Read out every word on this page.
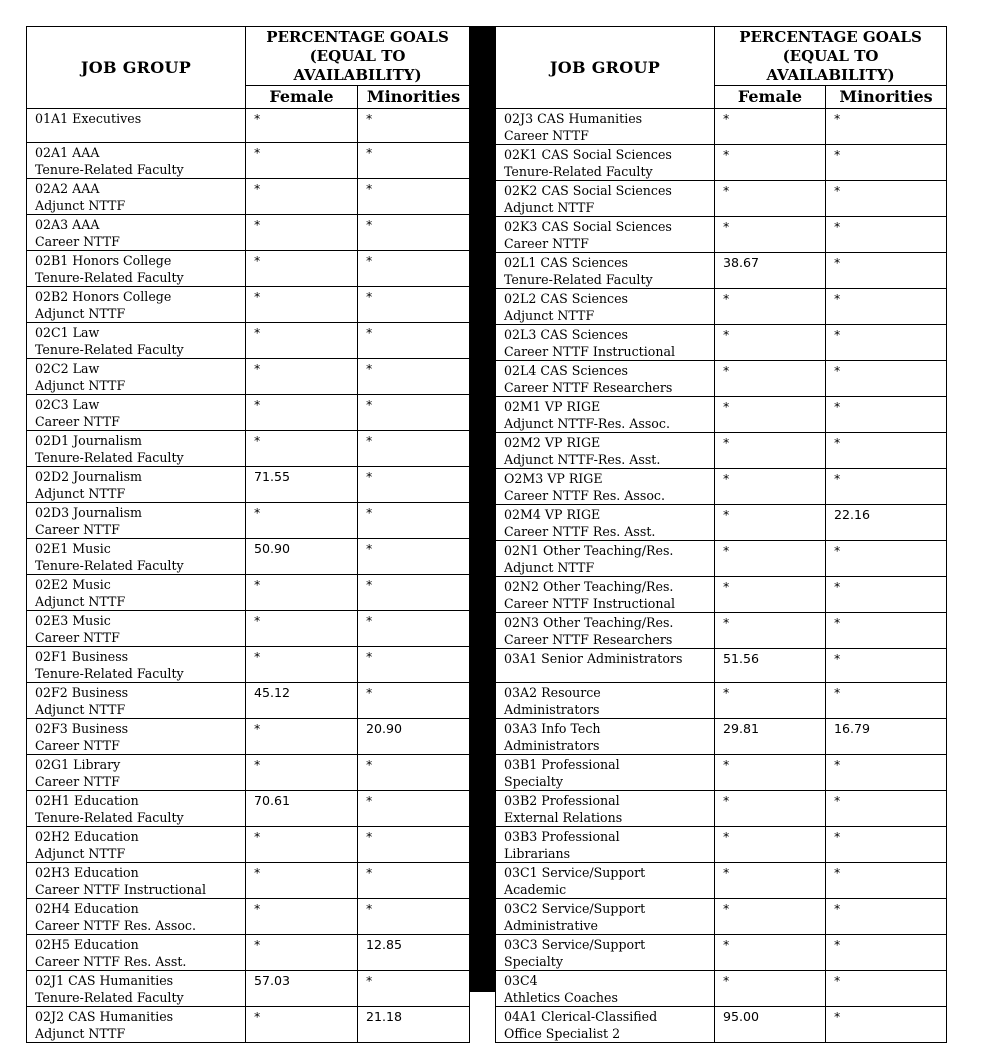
JOB GROUP	PERCENTAGE GOALS
(EQUAL TO
AVAILABILITY)	

	Female	Minorities

01A1 Executives	*	*

02A1 AAA
Tenure-Related Faculty	*	*

02A2 AAA
Adjunct NTTF	*	*

02A3 AAA
Career NTTF	*	*

02B1 Honors College
Tenure-Related Faculty	*	*

02B2 Honors College
Adjunct NTTF	*	*

02C1 Law
Tenure-Related Faculty	*	*

02C2 Law
Adjunct NTTF	*	*

02C3 Law
Career NTTF	*	*

02D1 Journalism
Tenure-Related Faculty	*	*

02D2 Journalism
Adjunct NTTF	71.55	*

02D3 Journalism
Career NTTF	*	*

02E1 Music
Tenure-Related Faculty	50.90	*

02E2 Music
Adjunct NTTF	*	*

02E3 Music
Career NTTF	*	*

02F1 Business
Tenure-Related Faculty	*	*

02F2 Business
Adjunct NTTF	45.12	*

02F3 Business
Career NTTF	*	20.90

02G1 Library
Career NTTF	*	*

02H1 Education
Tenure-Related Faculty	70.61	*

02H2 Education
Adjunct NTTF	*	*

02H3 Education
Career NTTF Instructional	*	*

02H4 Education
Career NTTF Res. Assoc.	*	*

02H5 Education
Career NTTF Res. Asst.	*	12.85

02J1 CAS Humanities
Tenure-Related Faculty	57.03	*

02J2 CAS Humanities
Adjunct NTTF	*	21.18
JOB GROUP	PERCENTAGE GOALS
(EQUAL TO
AVAILABILITY)	

	Female	Minorities

02J3 CAS Humanities
Career NTTF	*	*

02K1 CAS Social Sciences
Tenure-Related Faculty	*	*

02K2 CAS Social Sciences
Adjunct NTTF	*	*

02K3 CAS Social Sciences
Career NTTF	*	*

02L1 CAS Sciences
Tenure-Related Faculty	38.67	*

02L2 CAS Sciences
Adjunct NTTF	*	*

02L3 CAS Sciences
Career NTTF Instructional	*	*

02L4 CAS Sciences
Career NTTF Researchers	*	*

02M1 VP RIGE
Adjunct NTTF-Res. Assoc.	*	*

02M2 VP RIGE
Adjunct NTTF-Res. Asst.	*	*

O2M3 VP RIGE
Career NTTF Res. Assoc.	*	*

02M4 VP RIGE
Career NTTF Res. Asst.	*	22.16

02N1 Other Teaching/Res.
Adjunct NTTF	*	*

02N2 Other Teaching/Res.
Career NTTF Instructional	*	*

02N3 Other Teaching/Res.
Career NTTF Researchers	*	*

03A1 Senior Administrators	51.56	*

03A2 Resource
Administrators	*	*

03A3 Info Tech
Administrators	29.81	16.79

03B1 Professional
Specialty	*	*

03B2 Professional
External Relations	*	*

03B3 Professional
Librarians	*	*

03C1 Service/Support
Academic	*	*

03C2 Service/Support
Administrative	*	*

03C3 Service/Support
Specialty	*	*

03C4
Athletics Coaches	*	*

04A1 Clerical-Classified
Office Specialist 2	95.00	*
